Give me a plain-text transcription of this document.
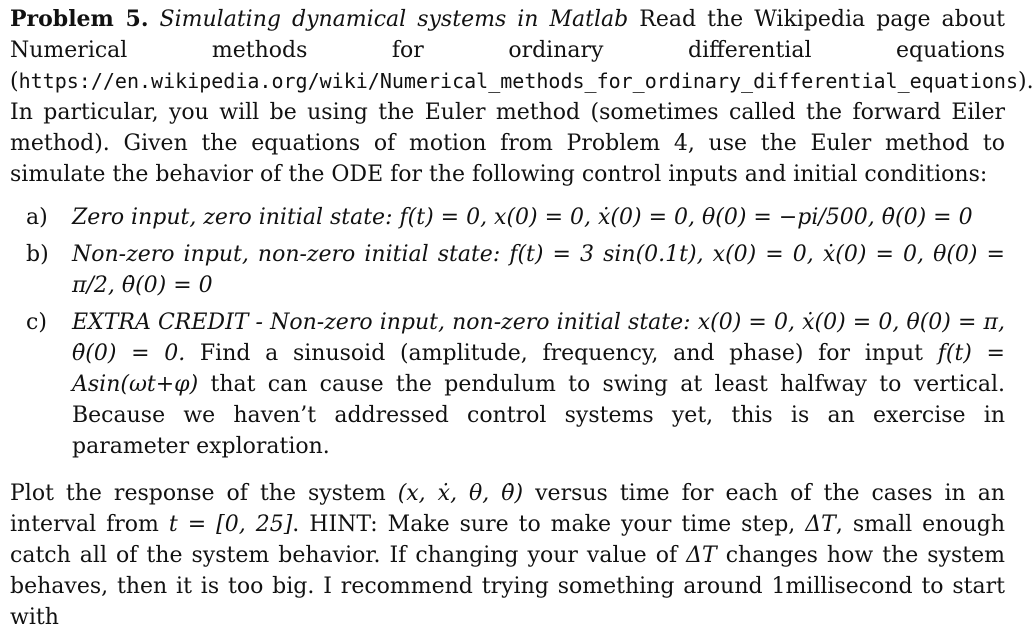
Problem 5. Simulating dynamical systems in Matlab Read the Wikipedia page about Numerical methods for ordinary differential equations (https://en.wikipedia.org/wiki/Numerical_methods_for_ordinary_differential_equations). In particular, you will be using the Euler method (sometimes called the forward Eiler method). Given the equations of motion from Problem 4, use the Euler method to simulate the behavior of the ODE for the following control inputs and initial conditions:

a)	Zero input, zero initial state: f(t) = 0, x(0) = 0, ẋ(0) = 0, θ(0) = −pi/500, θ̇(0) = 0
b)	Non-zero input, non-zero initial state: f(t) = 3 sin(0.1t), x(0) = 0, ẋ(0) = 0, θ(0) = π/2, θ̇(0) = 0
c)	EXTRA CREDIT - Non-zero input, non-zero initial state: x(0) = 0, ẋ(0) = 0, θ(0) = π, θ̇(0) = 0. Find a sinusoid (amplitude, frequency, and phase) for input f(t) = Asin(ωt+φ) that can cause the pendulum to swing at least halfway to vertical. Because we haven’t addressed control systems yet, this is an exercise in parameter exploration.

Plot the response of the system (x, ẋ, θ, θ̇) versus time for each of the cases in an interval from t = [0, 25]. HINT: Make sure to make your time step, ΔT, small enough catch all of the system behavior. If changing your value of ΔT changes how the system behaves, then it is too big. I recommend trying something around 1millisecond to start with
